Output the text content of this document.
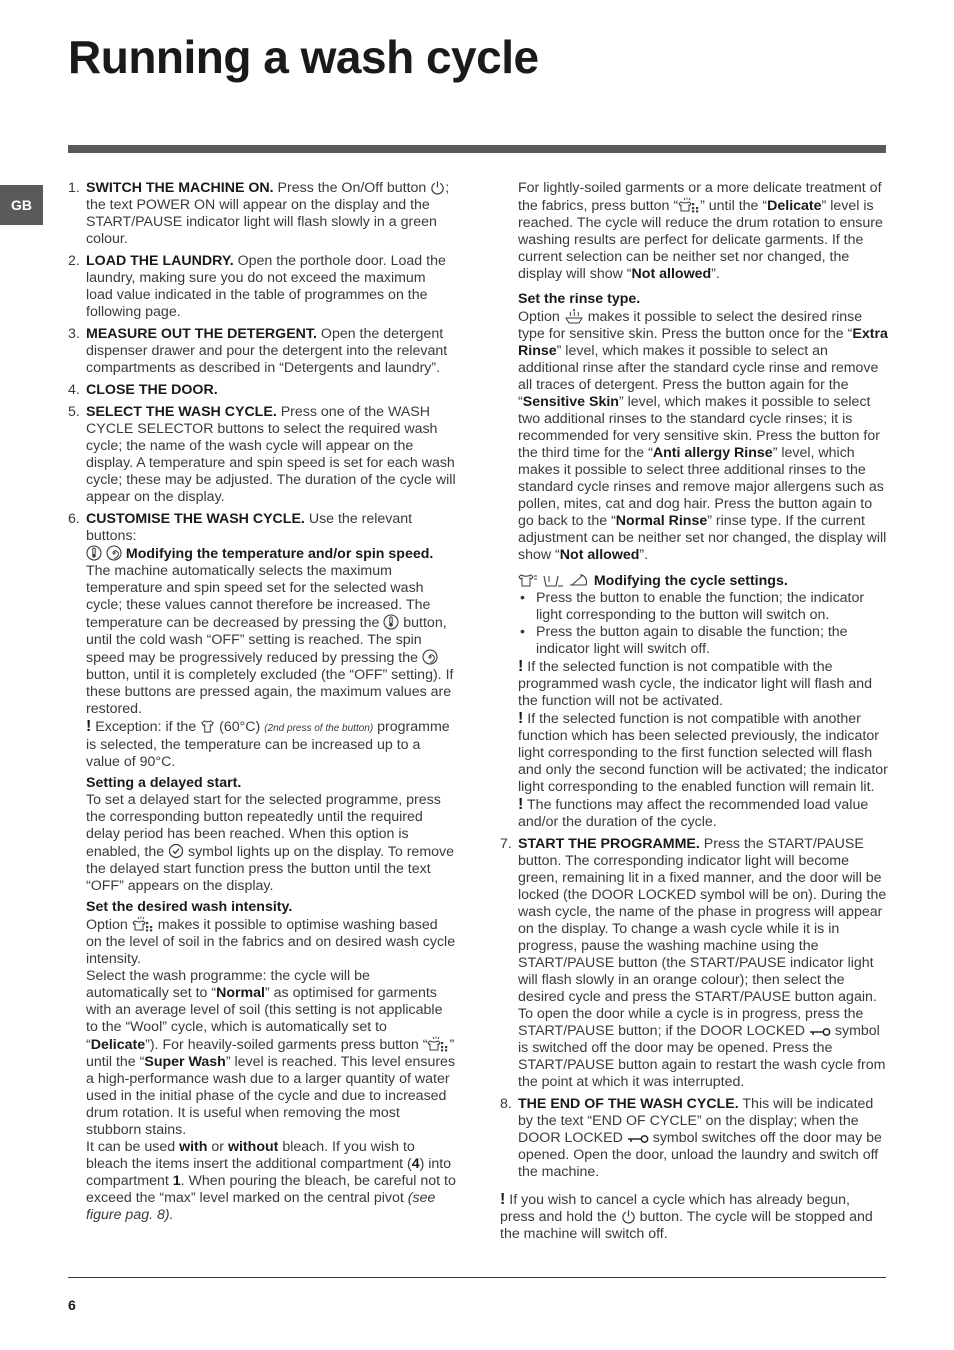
Running a wash cycle
GB
1. SWITCH THE MACHINE ON. Press the On/Off button
; the text POWER ON will appear on the display and the START/PAUSE indicator light will flash slowly in a green colour.

2. LOAD THE LAUNDRY. Open the porthole door. Load the laundry, making sure you do not exceed the maximum load value indicated in the table of programmes on the following page.

3. MEASURE OUT THE DETERGENT. Open the detergent dispenser drawer and pour the detergent into the relevant compartments as described in “Detergents and laundry”.

4. CLOSE THE DOOR.

5. SELECT THE WASH CYCLE. Press one of the WASH CYCLE SELECTOR buttons to select the required wash cycle; the name of the wash cycle will appear on the display. A temperature and spin speed is set for each wash cycle; these may be adjusted. The duration of the cycle will appear on the display.

6. CUSTOMISE THE WASH CYCLE. Use the relevant buttons:

Modifying the temperature and/or spin speed. The machine automatically selects the maximum temperature and spin speed set for the selected wash cycle; these values cannot therefore be increased. The temperature can be decreased by pressing the
button, until the cold wash “OFF” setting is reached. The spin speed may be progressively reduced by pressing the
button, until it is completely excluded (the “OFF” setting). If these buttons are pressed again, the maximum values are restored.

! Exception: if the
(60°C) (2nd press of the button) programme is selected, the temperature can be increased up to a value of 90°C.

Setting a delayed start.

To set a delayed start for the selected programme, press the corresponding button repeatedly until the required delay period has been reached. When this option is enabled, the
symbol lights up on the display. To remove the delayed start function press the button until the text “OFF” appears on the display.

Set the desired wash intensity.

Option
makes it possible to optimise washing based on the level of soil in the fabrics and on desired wash cycle intensity.

Select the wash programme: the cycle will be automatically set to “Normal” as optimised for garments with an average level of soil (this setting is not applicable to the “Wool” cycle, which is automatically set to “Delicate”). For heavily-soiled garments press button “ ” until the “Super Wash” level is reached. This level ensures a high-performance wash due to a larger quantity of water used in the initial phase of the cycle and due to increased drum rotation. It is useful when removing the most stubborn stains.

It can be used with or without bleach. If you wish to bleach the items insert the additional compartment (4) into compartment 1. When pouring the bleach, be careful not to exceed the “max” level marked on the central pivot (see figure pag. 8).

For lightly-soiled garments or a more delicate treatment of the fabrics, press button “ ” until the “Delicate” level is reached. The cycle will reduce the drum rotation to ensure washing results are perfect for delicate garments. If the current selection can be neither set nor changed, the display will show “Not allowed”.

Set the rinse type.

Option
makes it possible to select the desired rinse type for sensitive skin. Press the button once for the “Extra Rinse” level, which makes it possible to select an additional rinse after the standard cycle rinse and remove all traces of detergent. Press the button again for the “Sensitive Skin” level, which makes it possible to select two additional rinses to the standard cycle rinses; it is recommended for very sensitive skin. Press the button for the third time for the “Anti allergy Rinse” level, which makes it possible to select three additional rinses to the standard cycle rinses and remove major allergens such as pollen, mites, cat and dog hair. Press the button again to go back to the “Normal Rinse” rinse type. If the current adjustment can be neither set nor changed, the display will show “Not allowed”.

Modifying the cycle settings.

• Press the button to enable the function; the indicator light corresponding to the button will switch on.
• Press the button again to disable the function; the indicator light will switch off.

! If the selected function is not compatible with the programmed wash cycle, the indicator light will flash and the function will not be activated.

! If the selected function is not compatible with another function which has been selected previously, the indicator light corresponding to the first function selected will flash and only the second function will be activated; the indicator light corresponding to the enabled function will remain lit.

! The functions may affect the recommended load value and/or the duration of the cycle.

7. START THE PROGRAMME. Press the START/PAUSE button. The corresponding indicator light will become green, remaining lit in a fixed manner, and the door will be locked (the DOOR LOCKED symbol will be on). During the wash cycle, the name of the phase in progress will appear on the display. To change a wash cycle while it is in progress, pause the washing machine using the START/PAUSE button (the START/PAUSE indicator light will flash slowly in an orange colour); then select the desired cycle and press the START/PAUSE button again. To open the door while a cycle is in progress, press the START/PAUSE button; if the DOOR LOCKED
symbol is switched off the door may be opened. Press the START/PAUSE button again to restart the wash cycle from the point at which it was interrupted.

8. THE END OF THE WASH CYCLE. This will be indicated by the text “END OF CYCLE” on the display; when the DOOR LOCKED
symbol switches off the door may be opened. Open the door, unload the laundry and switch off the machine.

! If you wish to cancel a cycle which has already begun, press and hold the
button. The cycle will be stopped and the machine will switch off.

6
